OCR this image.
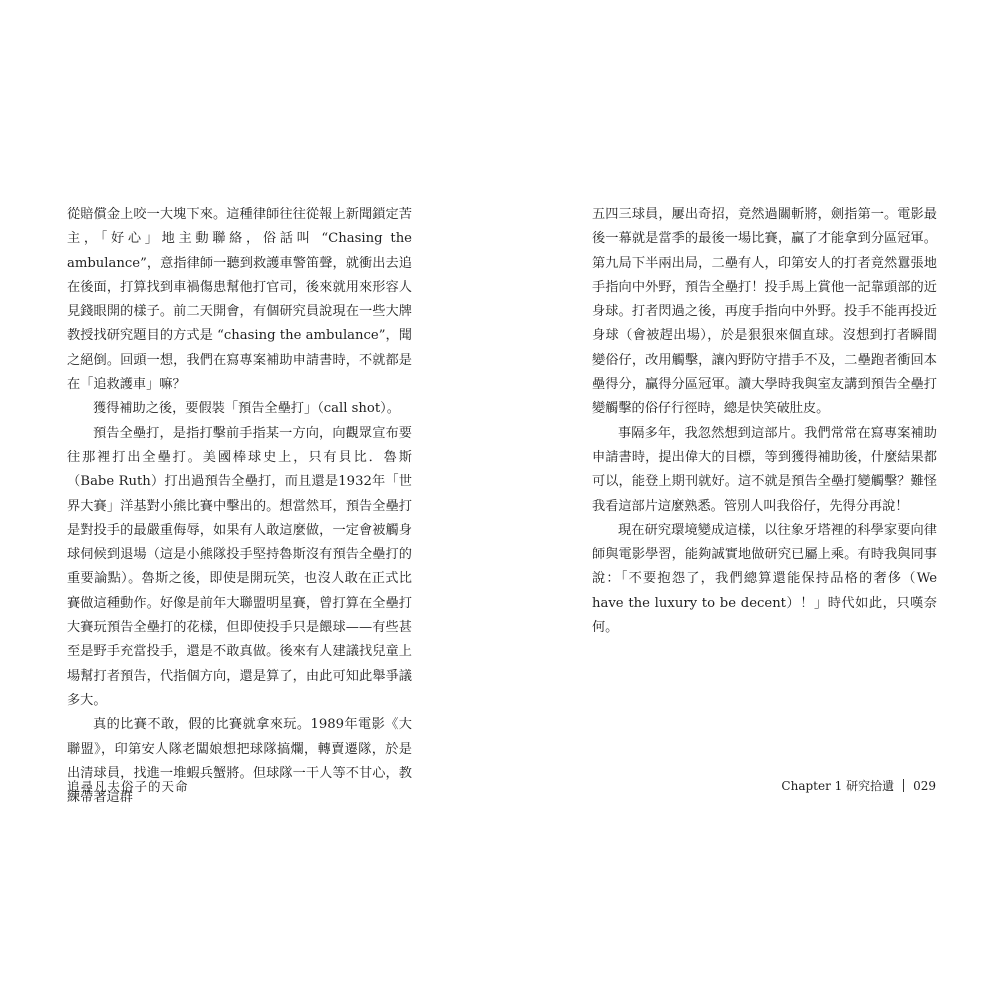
從賠償金上咬一大塊下來。這種律師往往從報上新聞鎖定苦主，「好心」地主動聯絡，俗話叫 “Chasing the ambulance”，意指律師一聽到救護車警笛聲，就衝出去追在後面，打算找到車禍傷患幫他打官司，後來就用來形容人見錢眼開的樣子。前二天開會，有個研究員說現在一些大牌教授找研究題目的方式是 “chasing the ambulance”，聞之絕倒。回頭一想，我們在寫專案補助申請書時，不就都是在「追救護車」嘛？

獲得補助之後，要假裝「預告全壘打」（call shot）。

預告全壘打，是指打擊前手指某一方向，向觀眾宣布要往那裡打出全壘打。美國棒球史上，只有貝比．魯斯（Babe Ruth）打出過預告全壘打，而且還是1932年「世界大賽」洋基對小熊比賽中擊出的。想當然耳，預告全壘打是對投手的最嚴重侮辱，如果有人敢這麼做，一定會被觸身球伺候到退場（這是小熊隊投手堅持魯斯沒有預告全壘打的重要論點）。魯斯之後，即使是開玩笑，也沒人敢在正式比賽做這種動作。好像是前年大聯盟明星賽，曾打算在全壘打大賽玩預告全壘打的花樣，但即使投手只是餵球——有些甚至是野手充當投手，還是不敢真做。後來有人建議找兒童上場幫打者預告，代指個方向，還是算了，由此可知此舉爭議多大。

真的比賽不敢，假的比賽就拿來玩。1989年電影《大聯盟》，印第安人隊老闆娘想把球隊搞爛，轉賣遷隊，於是出清球員，找進一堆蝦兵蟹將。但球隊一干人等不甘心，教練帶著這群

追尋凡夫俗子的天命

五四三球員，屢出奇招，竟然過關斬將，劍指第一。電影最後一幕就是當季的最後一場比賽，贏了才能拿到分區冠軍。第九局下半兩出局，二壘有人，印第安人的打者竟然囂張地手指向中外野，預告全壘打！投手馬上賞他一記靠頭部的近身球。打者閃過之後，再度手指向中外野。投手不能再投近身球（會被趕出場），於是狠狠來個直球。沒想到打者瞬間變俗仔，改用觸擊，讓內野防守措手不及，二壘跑者衝回本壘得分，贏得分區冠軍。讀大學時我與室友講到預告全壘打變觸擊的俗仔行徑時，總是快笑破肚皮。

事隔多年，我忽然想到這部片。我們常常在寫專案補助申請書時，提出偉大的目標，等到獲得補助後，什麼結果都可以，能登上期刊就好。這不就是預告全壘打變觸擊？難怪我看這部片這麼熟悉。管別人叫我俗仔，先得分再說！

現在研究環境變成這樣，以往象牙塔裡的科學家要向律師與電影學習，能夠誠實地做研究已屬上乘。有時我與同事說：「不要抱怨了，我們總算還能保持品格的奢侈（We have the luxury to be decent）！」時代如此，只嘆奈何。

Chapter 1 研究拾遺 029
